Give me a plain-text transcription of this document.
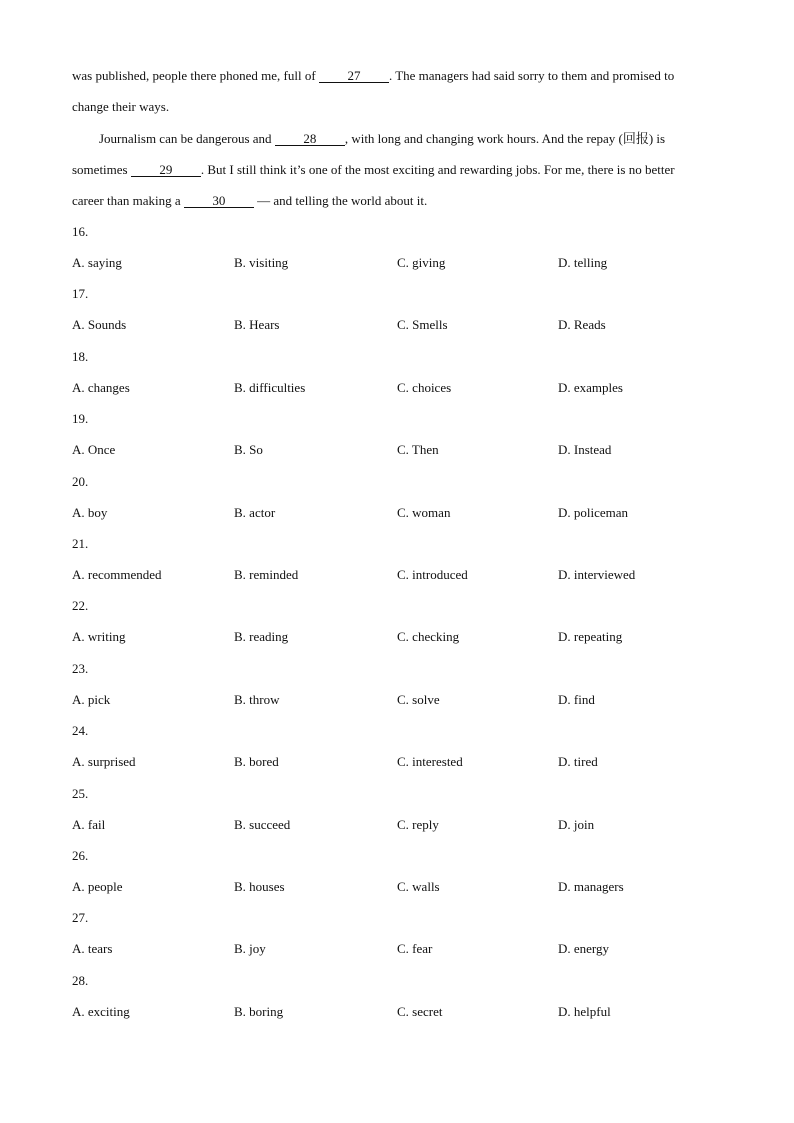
was published, people there phoned me, full of 27 . The managers had said sorry to them and promised to
change their ways.
Journalism can be dangerous and 28 , with long and changing work hours. And the repay (回报) is
sometimes 29 . But I still think it’s one of the most exciting and rewarding jobs. For me, there is no better
career than making a 30 — and telling the world about it.
16.
A. saying	B. visiting	C. giving	D. telling
17.
A. Sounds	B. Hears	C. Smells	D. Reads
18.
A. changes	B. difficulties	C. choices	D. examples
19.
A. Once	B. So	C. Then	D. Instead
20.
A. boy	B. actor	C. woman	D. policeman
21.
A. recommended	B. reminded	C. introduced	D. interviewed
22.
A. writing	B. reading	C. checking	D. repeating
23.
A. pick	B. throw	C. solve	D. find
24.
A. surprised	B. bored	C. interested	D. tired
25.
A. fail	B. succeed	C. reply	D. join
26.
A. people	B. houses	C. walls	D. managers
27.
A. tears	B. joy	C. fear	D. energy
28.
A. exciting	B. boring	C. secret	D. helpful
